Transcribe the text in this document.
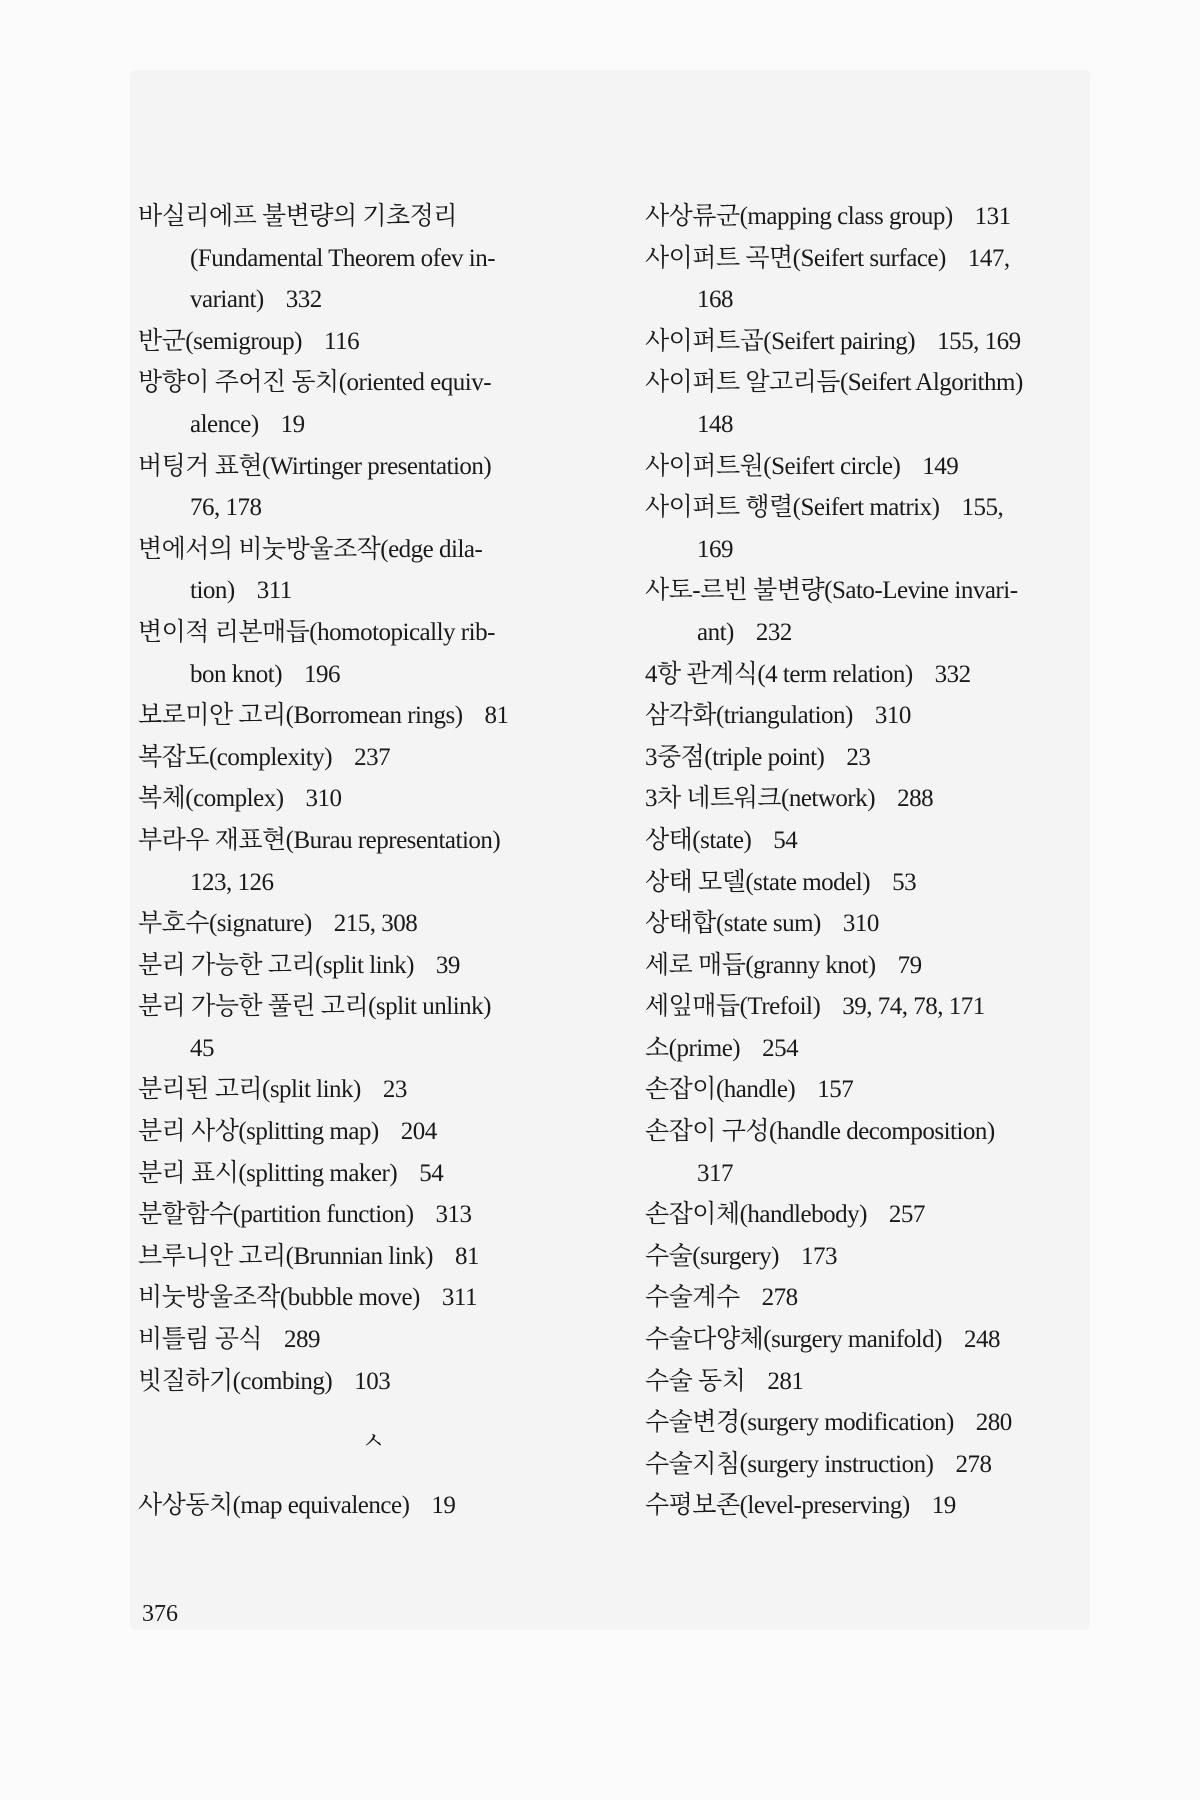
바실리에프 불변량의 기초정리
(Fundamental Theorem ofev in-
variant) 332
반군(semigroup) 116
방향이 주어진 동치(oriented equiv-
alence) 19
버팅거 표현(Wirtinger presentation)
76, 178
변에서의 비눗방울조작(edge dila-
tion) 311
변이적 리본매듭(homotopically rib-
bon knot) 196
보로미안 고리(Borromean rings) 81
복잡도(complexity) 237
복체(complex) 310
부라우 재표현(Burau representation)
123, 126
부호수(signature) 215, 308
분리 가능한 고리(split link) 39
분리 가능한 풀린 고리(split unlink)
45
분리된 고리(split link) 23
분리 사상(splitting map) 204
분리 표시(splitting maker) 54
분할함수(partition function) 313
브루니안 고리(Brunnian link) 81
비눗방울조작(bubble move) 311
비틀림 공식 289
빗질하기(combing) 103
ㅅ
사상동치(map equivalence) 19
사상류군(mapping class group) 131
사이퍼트 곡면(Seifert surface) 147,
168
사이퍼트곱(Seifert pairing) 155, 169
사이퍼트 알고리듬(Seifert Algorithm)
148
사이퍼트원(Seifert circle) 149
사이퍼트 행렬(Seifert matrix) 155,
169
사토-르빈 불변량(Sato-Levine invari-
ant) 232
4항 관계식(4 term relation) 332
삼각화(triangulation) 310
3중점(triple point) 23
3차 네트워크(network) 288
상태(state) 54
상태 모델(state model) 53
상태합(state sum) 310
세로 매듭(granny knot) 79
세잎매듭(Trefoil) 39, 74, 78, 171
소(prime) 254
손잡이(handle) 157
손잡이 구성(handle decomposition)
317
손잡이체(handlebody) 257
수술(surgery) 173
수술계수 278
수술다양체(surgery manifold) 248
수술 동치 281
수술변경(surgery modification) 280
수술지침(surgery instruction) 278
수평보존(level-preserving) 19
376
